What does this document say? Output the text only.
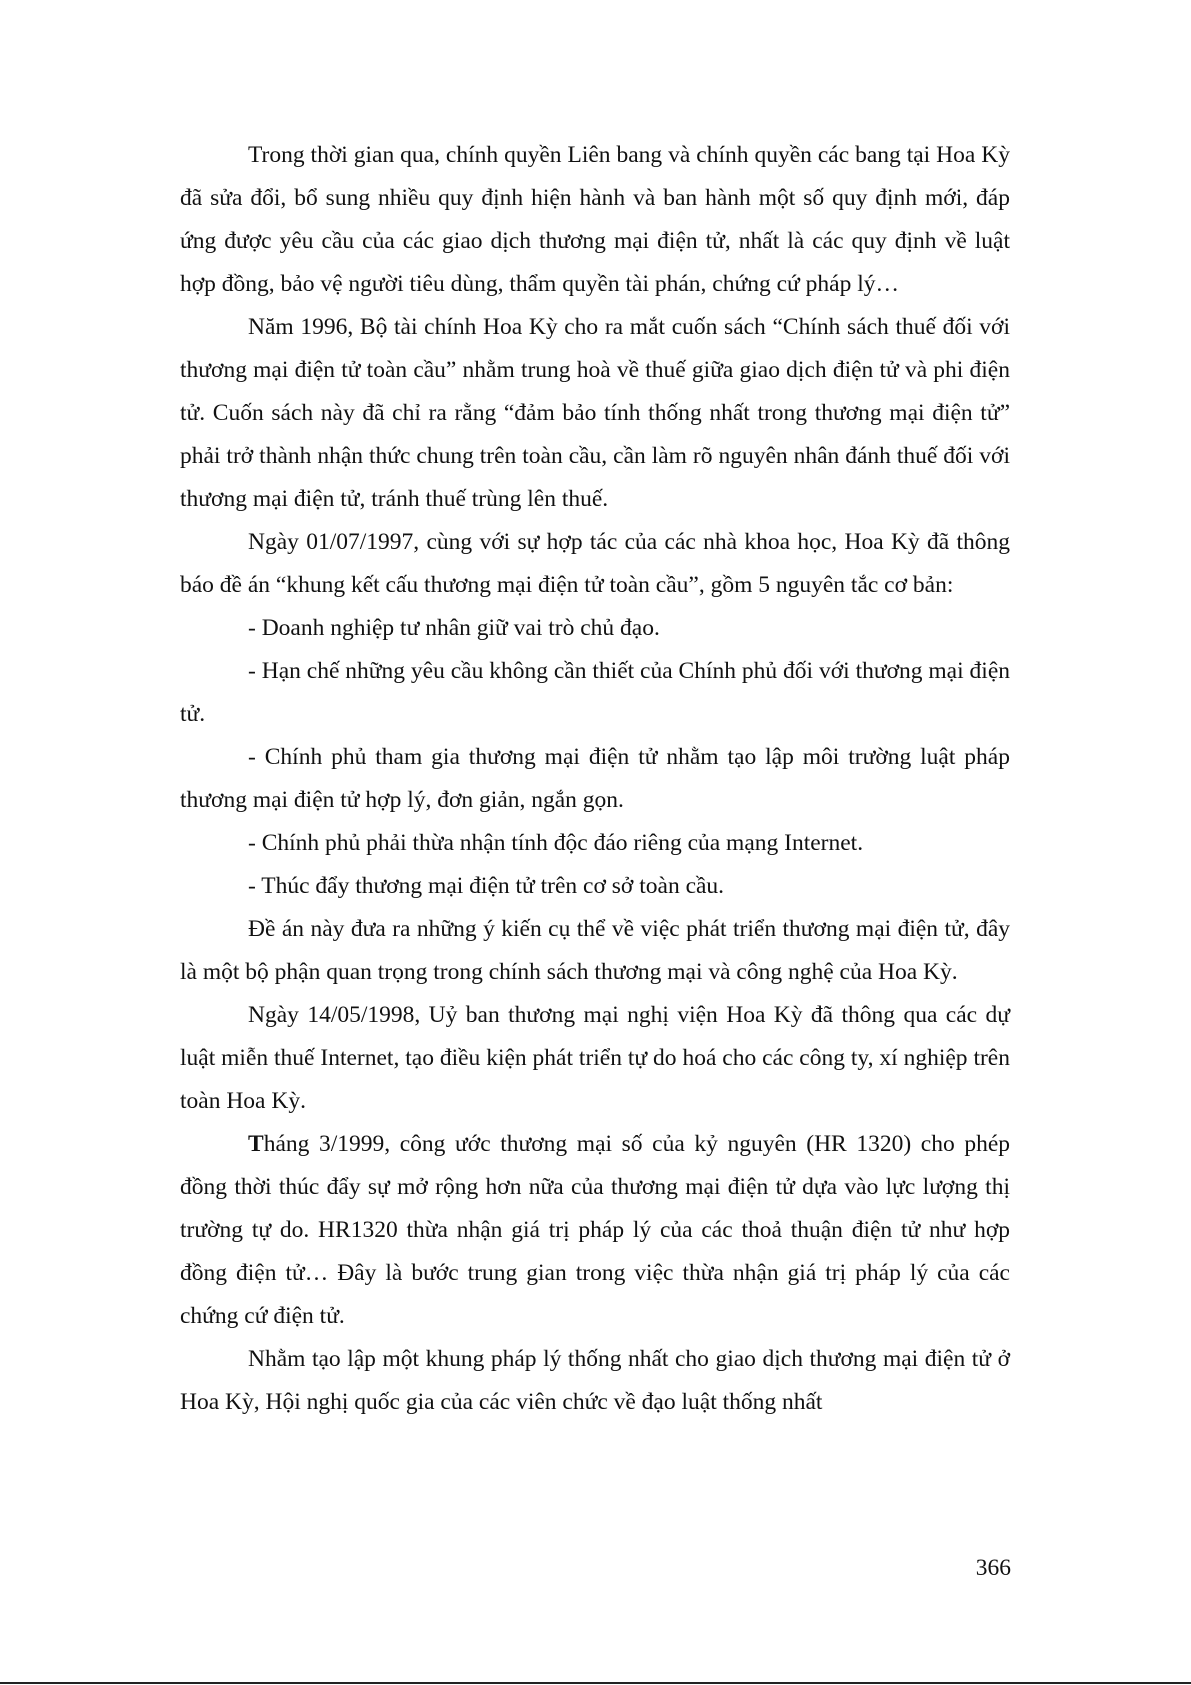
Trong thời gian qua, chính quyền Liên bang và chính quyền các bang tại Hoa Kỳ đã sửa đổi, bổ sung nhiều quy định hiện hành và ban hành một số quy định mới, đáp ứng được yêu cầu của các giao dịch thương mại điện tử, nhất là các quy định về luật hợp đồng, bảo vệ người tiêu dùng, thẩm quyền tài phán, chứng cứ pháp lý…

Năm 1996, Bộ tài chính Hoa Kỳ cho ra mắt cuốn sách “Chính sách thuế đối với thương mại điện tử toàn cầu” nhằm trung hoà về thuế giữa giao dịch điện tử và phi điện tử. Cuốn sách này đã chỉ ra rằng “đảm bảo tính thống nhất trong thương mại điện tử” phải trở thành nhận thức chung trên toàn cầu, cần làm rõ nguyên nhân đánh thuế đối với thương mại điện tử, tránh thuế trùng lên thuế.

Ngày 01/07/1997, cùng với sự hợp tác của các nhà khoa học, Hoa Kỳ đã thông báo đề án “khung kết cấu thương mại điện tử toàn cầu”, gồm 5 nguyên tắc cơ bản:

- Doanh nghiệp tư nhân giữ vai trò chủ đạo.

- Hạn chế những yêu cầu không cần thiết của Chính phủ đối với thương mại điện tử.

- Chính phủ tham gia thương mại điện tử nhằm tạo lập môi trường luật pháp thương mại điện tử hợp lý, đơn giản, ngắn gọn.

- Chính phủ phải thừa nhận tính độc đáo riêng của mạng Internet.

- Thúc đẩy thương mại điện tử trên cơ sở toàn cầu.

Đề án này đưa ra những ý kiến cụ thể về việc phát triển thương mại điện tử, đây là một bộ phận quan trọng trong chính sách thương mại và công nghệ của Hoa Kỳ.

Ngày 14/05/1998, Uỷ ban thương mại nghị viện Hoa Kỳ đã thông qua các dự luật miễn thuế Internet, tạo điều kiện phát triển tự do hoá cho các công ty, xí nghiệp trên toàn Hoa Kỳ.

Tháng 3/1999, công ước thương mại số của kỷ nguyên (HR 1320) cho phép đồng thời thúc đẩy sự mở rộng hơn nữa của thương mại điện tử dựa vào lực lượng thị trường tự do. HR1320 thừa nhận giá trị pháp lý của các thoả thuận điện tử như hợp đồng điện tử… Đây là bước trung gian trong việc thừa nhận giá trị pháp lý của các chứng cứ điện tử.

Nhằm tạo lập một khung pháp lý thống nhất cho giao dịch thương mại điện tử ở Hoa Kỳ, Hội nghị quốc gia của các viên chức về đạo luật thống nhất

366
